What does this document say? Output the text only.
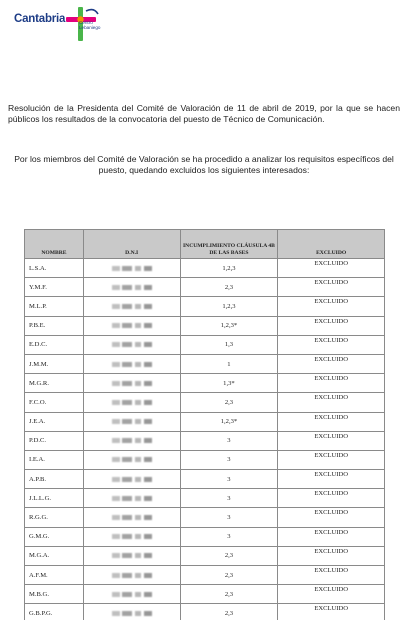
Cantabria	Centro
Lebaniego

Resolución de la Presidenta del Comité de Valoración de 11 de abril de 2019, por la que se hacen públicos los resultados de la convocatoria del puesto de Técnico de Comunicación.

Por los miembros del Comité de Valoración se ha procedido a analizar los requisitos específicos del puesto, quedando excluidos los siguientes interesados:

NOMBRE	D.N.I	INCUMPLIMIENTO CLÁUSULA 4B DE LAS BASES	EXCLUIDO
L.S.A.		1,2,3	EXCLUIDO
Y.M.F.		2,3	EXCLUIDO
M.L.P.		1,2,3	EXCLUIDO
P.B.E.		1,2,3*	EXCLUIDO
E.D.C.		1,3	EXCLUIDO
J.M.M.		1	EXCLUIDO
M.G.R.		1,3*	EXCLUIDO
F.C.O.		2,3	EXCLUIDO
J.E.A.		1,2,3*	EXCLUIDO
P.D.C.		3	EXCLUIDO
I.E.A.		3	EXCLUIDO
A.P.B.		3	EXCLUIDO
J.L.L.G.		3	EXCLUIDO
R.G.G.		3	EXCLUIDO
G.M.G.		3	EXCLUIDO
M.G.A.		2,3	EXCLUIDO
A.F.M.		2,3	EXCLUIDO
M.B.G.		2,3	EXCLUIDO
G.B.P.G.		2,3	EXCLUIDO
